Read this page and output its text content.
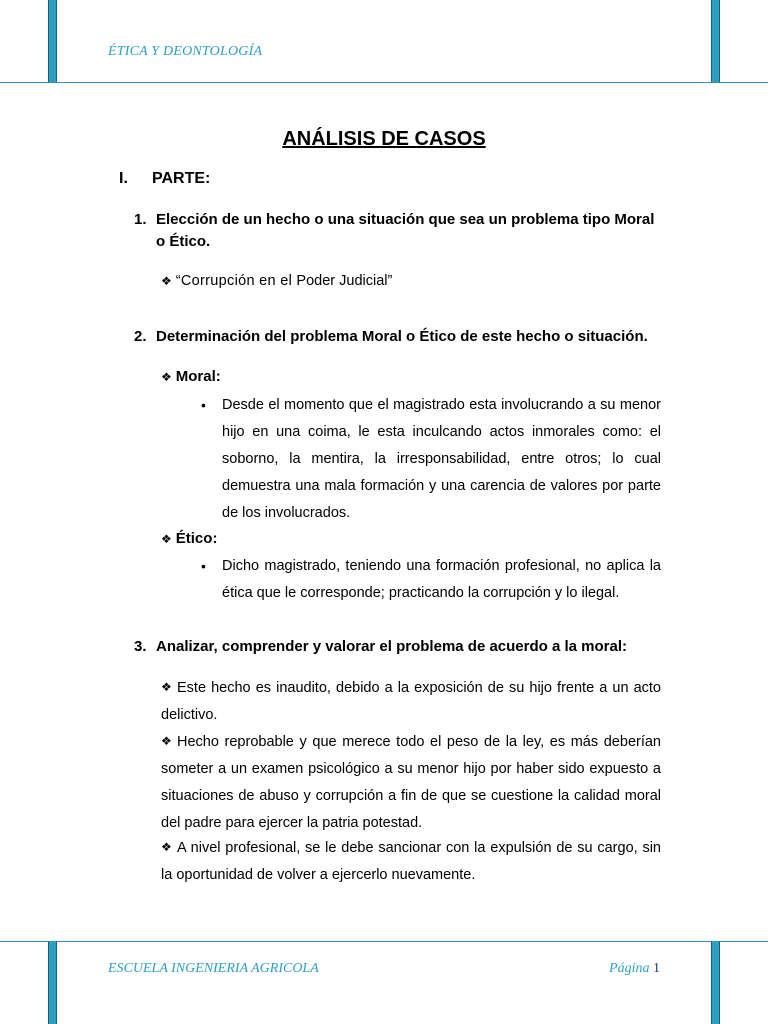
ÉTICA Y DEONTOLOGÍA
ANÁLISIS DE CASOS
I. PARTE:
1. Elección de un hecho o una situación que sea un problema tipo Moral o Ético.
❖ “Corrupción en el Poder Judicial”
2. Determinación del problema Moral o Ético de este hecho o situación.
❖ Moral:
• Desde el momento que el magistrado esta involucrando a su menor hijo en una coima, le esta inculcando actos inmorales como: el soborno, la mentira, la irresponsabilidad, entre otros; lo cual demuestra una mala formación y una carencia de valores por parte de los involucrados.
❖ Ético:
• Dicho magistrado, teniendo una formación profesional, no aplica la ética que le corresponde; practicando la corrupción y lo ilegal.
3. Analizar, comprender y valorar el problema de acuerdo a la moral:
❖ Este hecho es inaudito, debido a la exposición de su hijo frente a un acto delictivo.
❖ Hecho reprobable y que merece todo el peso de la ley, es más deberían someter a un examen psicológico a su menor hijo por haber sido expuesto a situaciones de abuso y corrupción a fin de que se cuestione la calidad moral del padre para ejercer la patria potestad.
❖ A nivel profesional, se le debe sancionar con la expulsión de su cargo, sin la oportunidad de volver a ejercerlo nuevamente.
ESCUELA INGENIERIA AGRICOLA	Página 1
